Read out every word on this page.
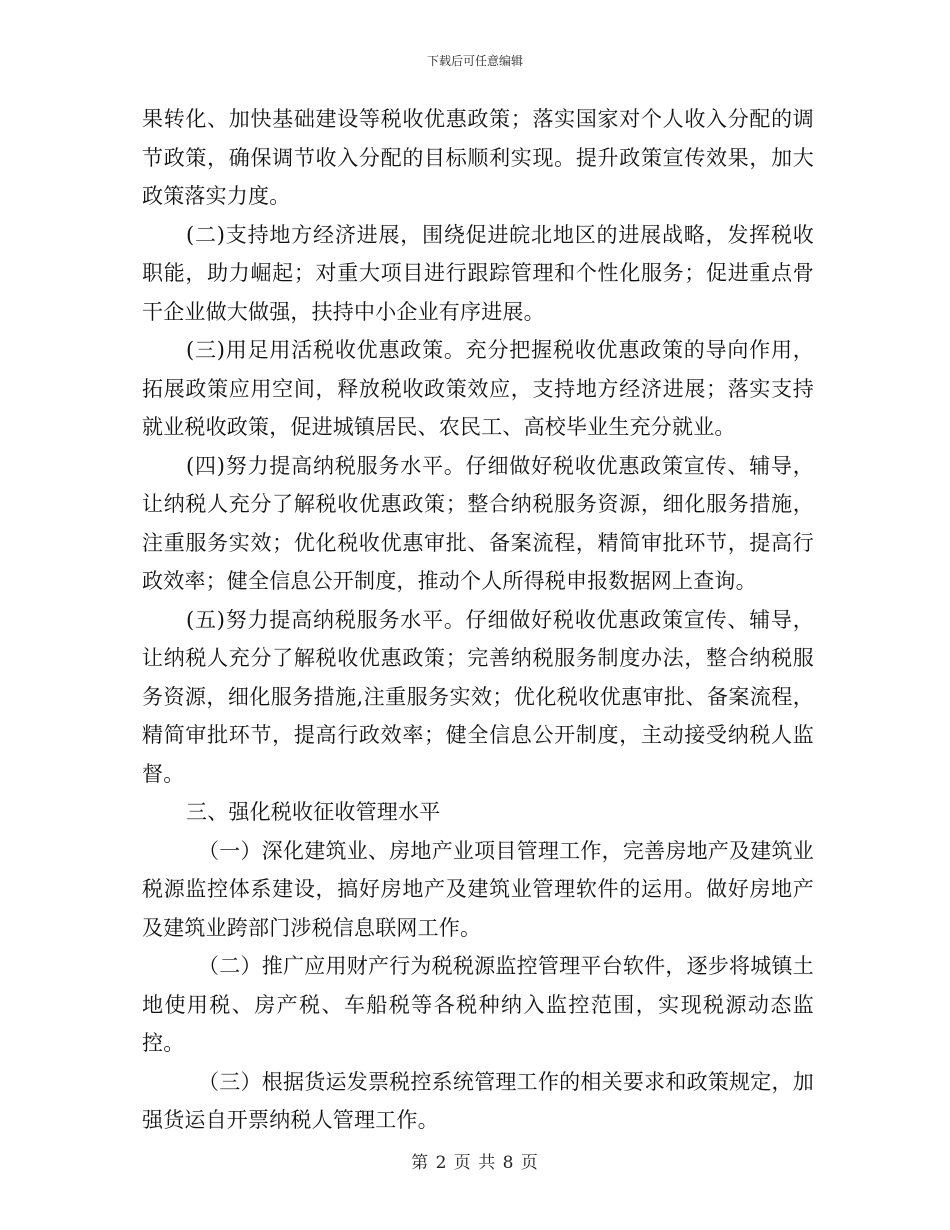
下载后可任意编辑

果转化、加快基础建设等税收优惠政策；落实国家对个人收入分配的调节政策，确保调节收入分配的目标顺利实现。提升政策宣传效果，加大政策落实力度。

(二)支持地方经济进展，围绕促进皖北地区的进展战略，发挥税收职能，助力崛起；对重大项目进行跟踪管理和个性化服务；促进重点骨干企业做大做强，扶持中小企业有序进展。

(三)用足用活税收优惠政策。充分把握税收优惠政策的导向作用，拓展政策应用空间，释放税收政策效应，支持地方经济进展；落实支持就业税收政策，促进城镇居民、农民工、高校毕业生充分就业。

(四)努力提高纳税服务水平。仔细做好税收优惠政策宣传、辅导，让纳税人充分了解税收优惠政策；整合纳税服务资源，细化服务措施，注重服务实效；优化税收优惠审批、备案流程，精简审批环节，提高行政效率；健全信息公开制度，推动个人所得税申报数据网上查询。

(五)努力提高纳税服务水平。仔细做好税收优惠政策宣传、辅导，让纳税人充分了解税收优惠政策；完善纳税服务制度办法，整合纳税服务资源，细化服务措施,注重服务实效；优化税收优惠审批、备案流程，精简审批环节，提高行政效率；健全信息公开制度，主动接受纳税人监督。

三、强化税收征收管理水平

（一）深化建筑业、房地产业项目管理工作，完善房地产及建筑业税源监控体系建设，搞好房地产及建筑业管理软件的运用。做好房地产及建筑业跨部门涉税信息联网工作。

（二）推广应用财产行为税税源监控管理平台软件，逐步将城镇土地使用税、房产税、车船税等各税种纳入监控范围，实现税源动态监控。

（三）根据货运发票税控系统管理工作的相关要求和政策规定，加强货运自开票纳税人管理工作。

第 2 页 共 8 页
